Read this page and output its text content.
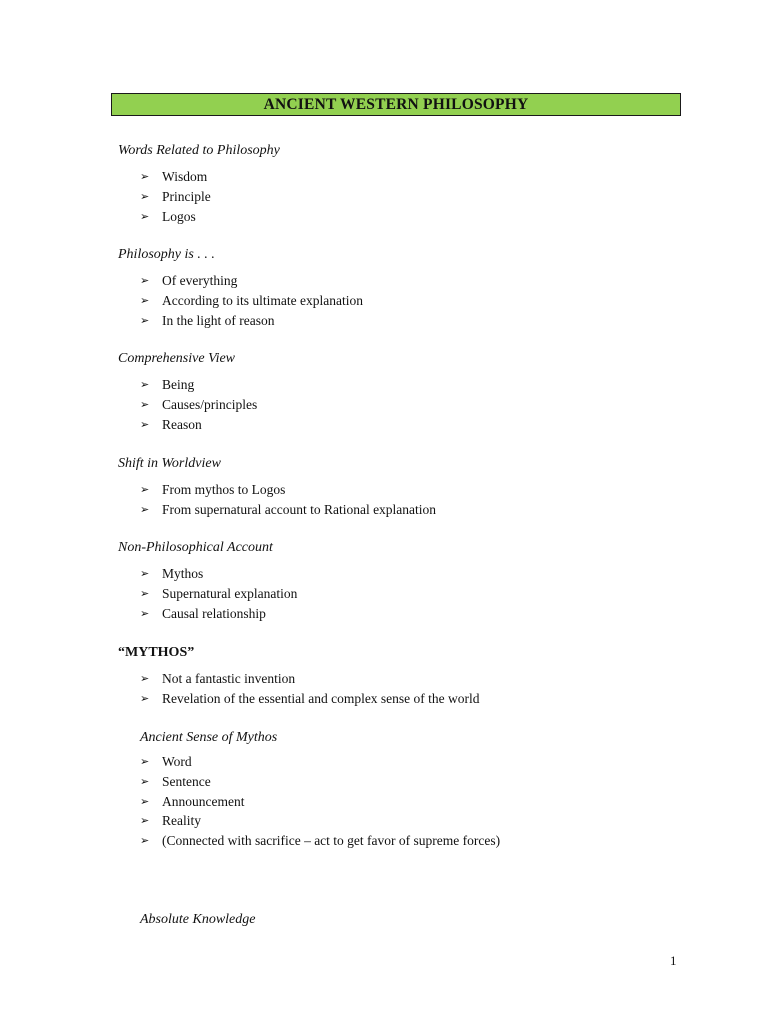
ANCIENT WESTERN PHILOSOPHY
Words Related to Philosophy
➢ Wisdom
➢ Principle
➢ Logos
Philosophy is . . .
➢ Of everything
➢ According to its ultimate explanation
➢ In the light of reason
Comprehensive View
➢ Being
➢ Causes/principles
➢ Reason
Shift in Worldview
➢ From mythos to Logos
➢ From supernatural account to Rational explanation
Non-Philosophical Account
➢ Mythos
➢ Supernatural explanation
➢ Causal relationship
“MYTHOS”
➢ Not a fantastic invention
➢ Revelation of the essential and complex sense of the world
Ancient Sense of Mythos
➢ Word
➢ Sentence
➢ Announcement
➢ Reality
➢ (Connected with sacrifice – act to get favor of supreme forces)
Absolute Knowledge
1
